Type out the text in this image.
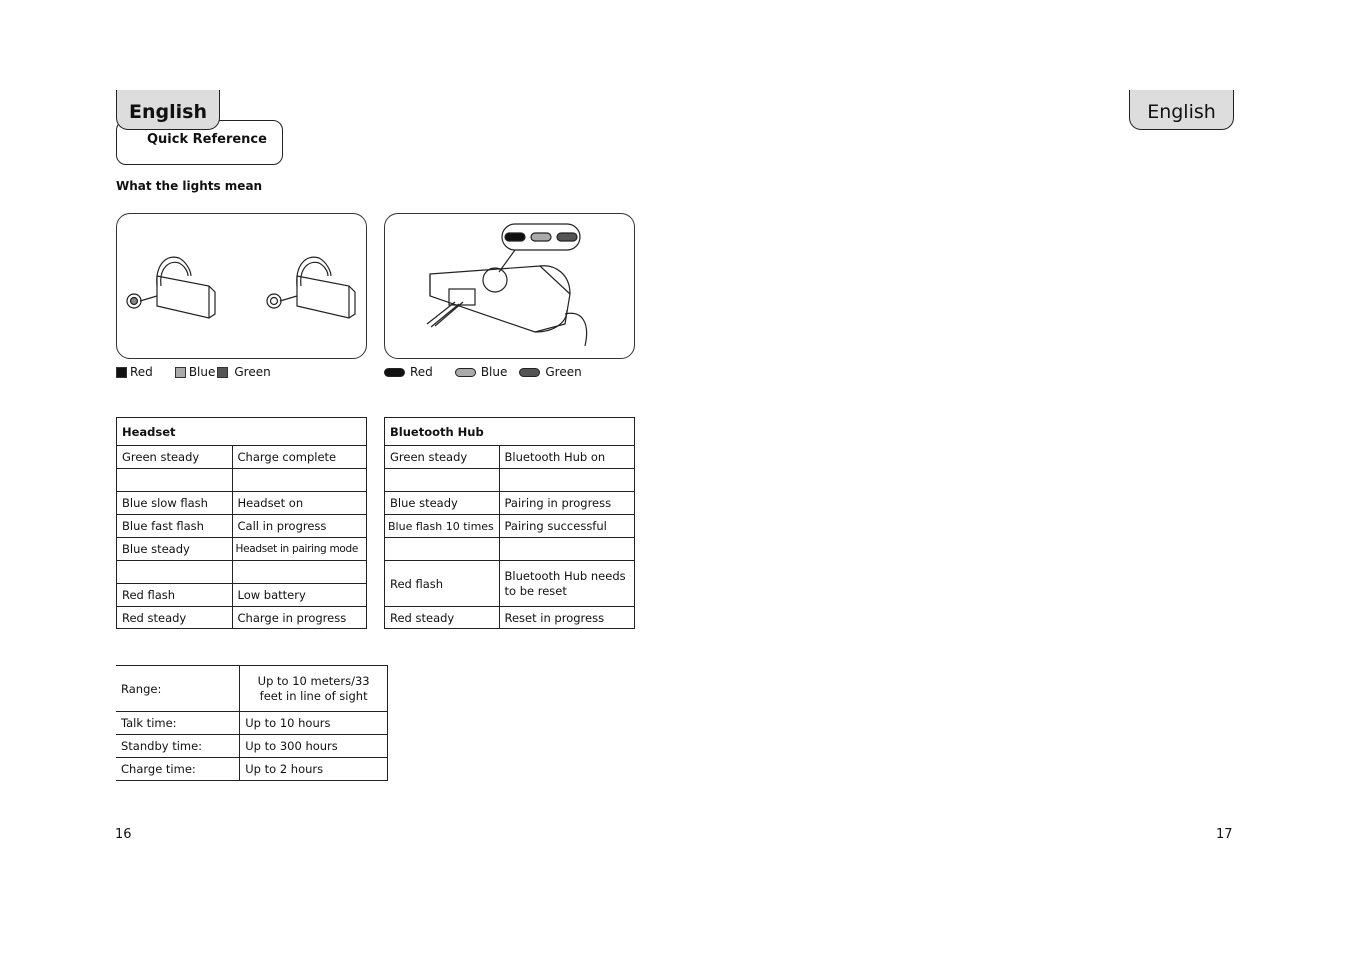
English
Quick Reference
English
What the lights mean
Red	Blue Green	Red	Blue	Green
Headset	
Green steady	Charge complete

Blue slow flash	Headset on
Blue fast flash	Call in progress
Blue steady	Headset in pairing mode

Red flash	Low battery
Red steady	Charge in progress
Bluetooth Hub	
Green steady	Bluetooth Hub on

Blue steady	Pairing in progress
Blue flash 10 times	Pairing successful

Red flash	Bluetooth Hub needs to be reset
Red steady	Reset in progress
Range:	Up to 10 meters/33 feet in line of sight
Talk time:	Up to 10 hours
Standby time:	Up to 300 hours
Charge time:	Up to 2 hours
16	17
